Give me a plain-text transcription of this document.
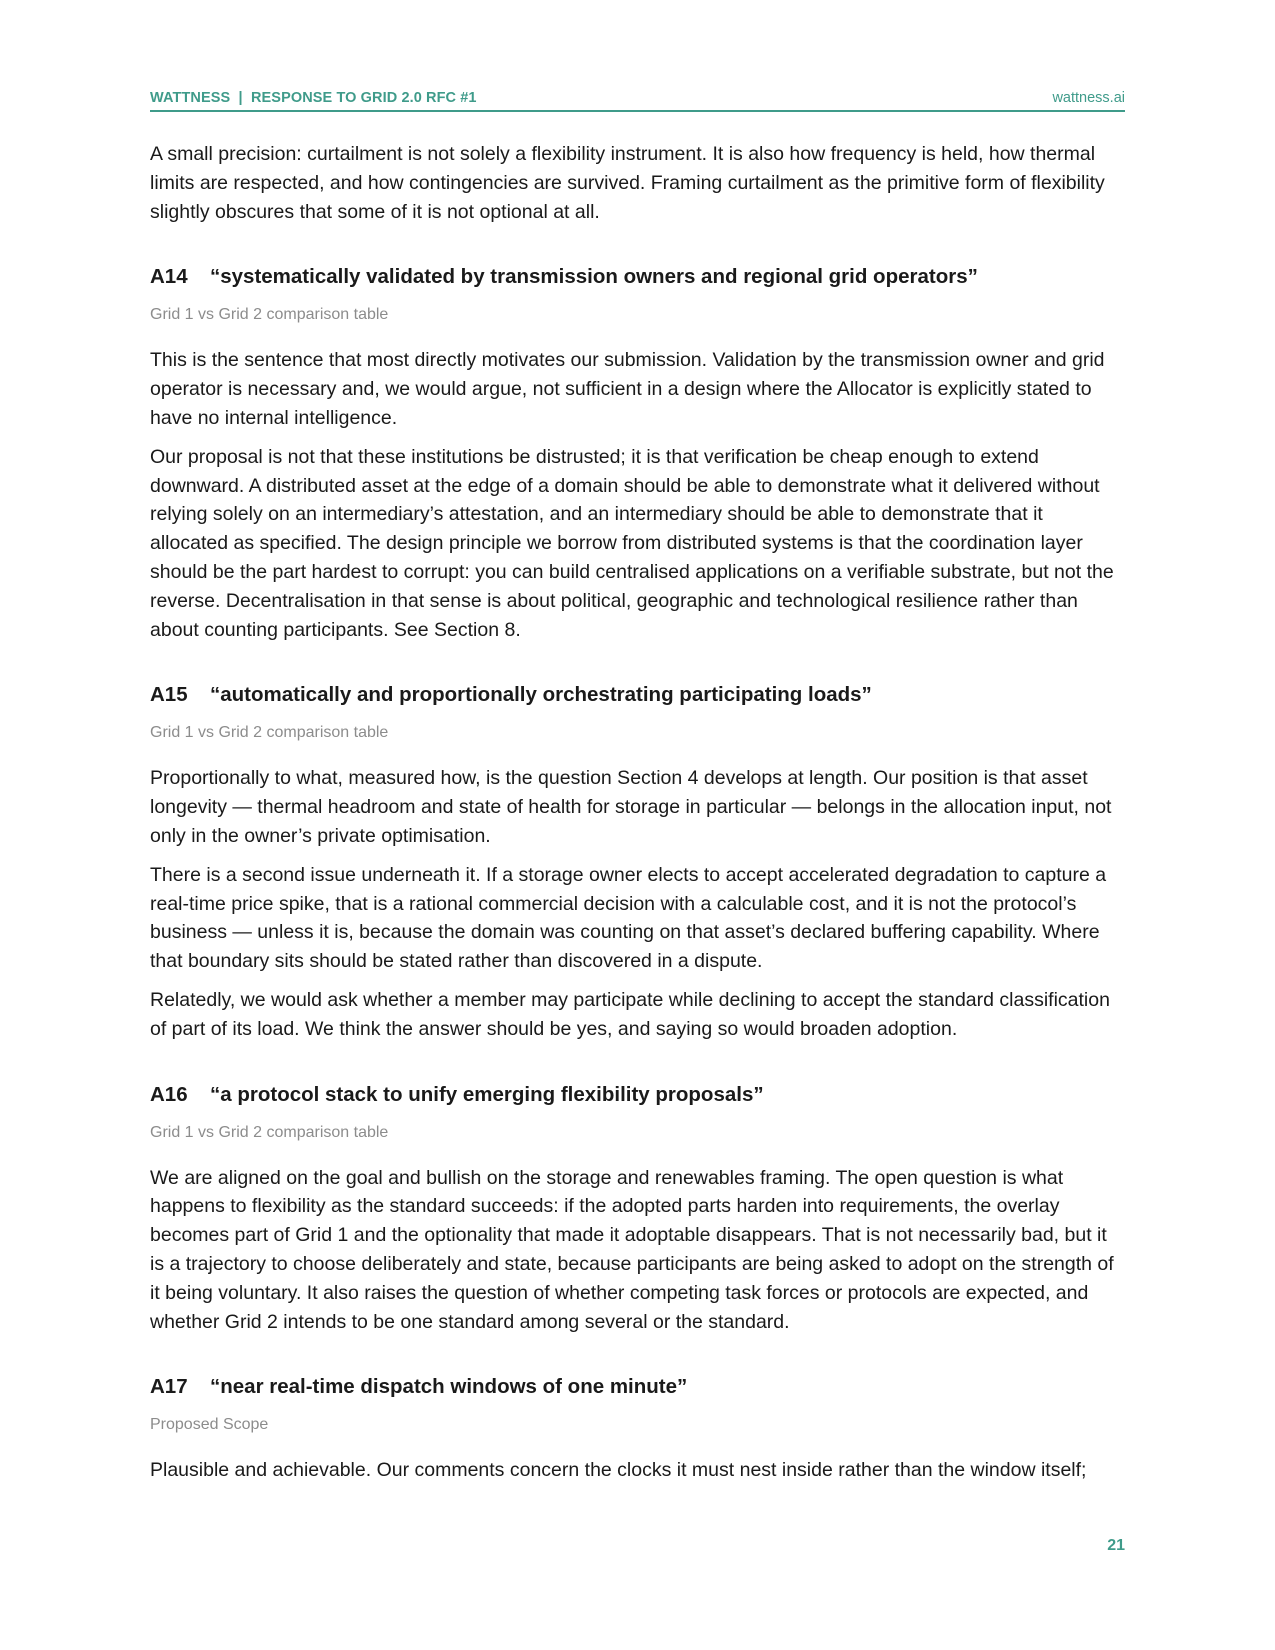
WATTNESS  |  RESPONSE TO GRID 2.0 RFC #1	wattness.ai

A small precision: curtailment is not solely a flexibility instrument. It is also how frequency is held, how thermal limits are respected, and how contingencies are survived. Framing curtailment as the primitive form of flexibility slightly obscures that some of it is not optional at all.

A14 “systematically validated by transmission owners and regional grid operators”
Grid 1 vs Grid 2 comparison table

This is the sentence that most directly motivates our submission. Validation by the transmission owner and grid operator is necessary and, we would argue, not sufficient in a design where the Allocator is explicitly stated to have no internal intelligence.

Our proposal is not that these institutions be distrusted; it is that verification be cheap enough to extend downward. A distributed asset at the edge of a domain should be able to demonstrate what it delivered without relying solely on an intermediary’s attestation, and an intermediary should be able to demonstrate that it allocated as specified. The design principle we borrow from distributed systems is that the coordination layer should be the part hardest to corrupt: you can build centralised applications on a verifiable substrate, but not the reverse. Decentralisation in that sense is about political, geographic and technological resilience rather than about counting participants. See Section 8.

A15 “automatically and proportionally orchestrating participating loads”
Grid 1 vs Grid 2 comparison table

Proportionally to what, measured how, is the question Section 4 develops at length. Our position is that asset longevity — thermal headroom and state of health for storage in particular — belongs in the allocation input, not only in the owner’s private optimisation.

There is a second issue underneath it. If a storage owner elects to accept accelerated degradation to capture a real-time price spike, that is a rational commercial decision with a calculable cost, and it is not the protocol’s business — unless it is, because the domain was counting on that asset’s declared buffering capability. Where that boundary sits should be stated rather than discovered in a dispute.

Relatedly, we would ask whether a member may participate while declining to accept the standard classification of part of its load. We think the answer should be yes, and saying so would broaden adoption.

A16 “a protocol stack to unify emerging flexibility proposals”
Grid 1 vs Grid 2 comparison table

We are aligned on the goal and bullish on the storage and renewables framing. The open question is what happens to flexibility as the standard succeeds: if the adopted parts harden into requirements, the overlay becomes part of Grid 1 and the optionality that made it adoptable disappears. That is not necessarily bad, but it is a trajectory to choose deliberately and state, because participants are being asked to adopt on the strength of it being voluntary. It also raises the question of whether competing task forces or protocols are expected, and whether Grid 2 intends to be one standard among several or the standard.

A17 “near real-time dispatch windows of one minute”
Proposed Scope

Plausible and achievable. Our comments concern the clocks it must nest inside rather than the window itself;

21
